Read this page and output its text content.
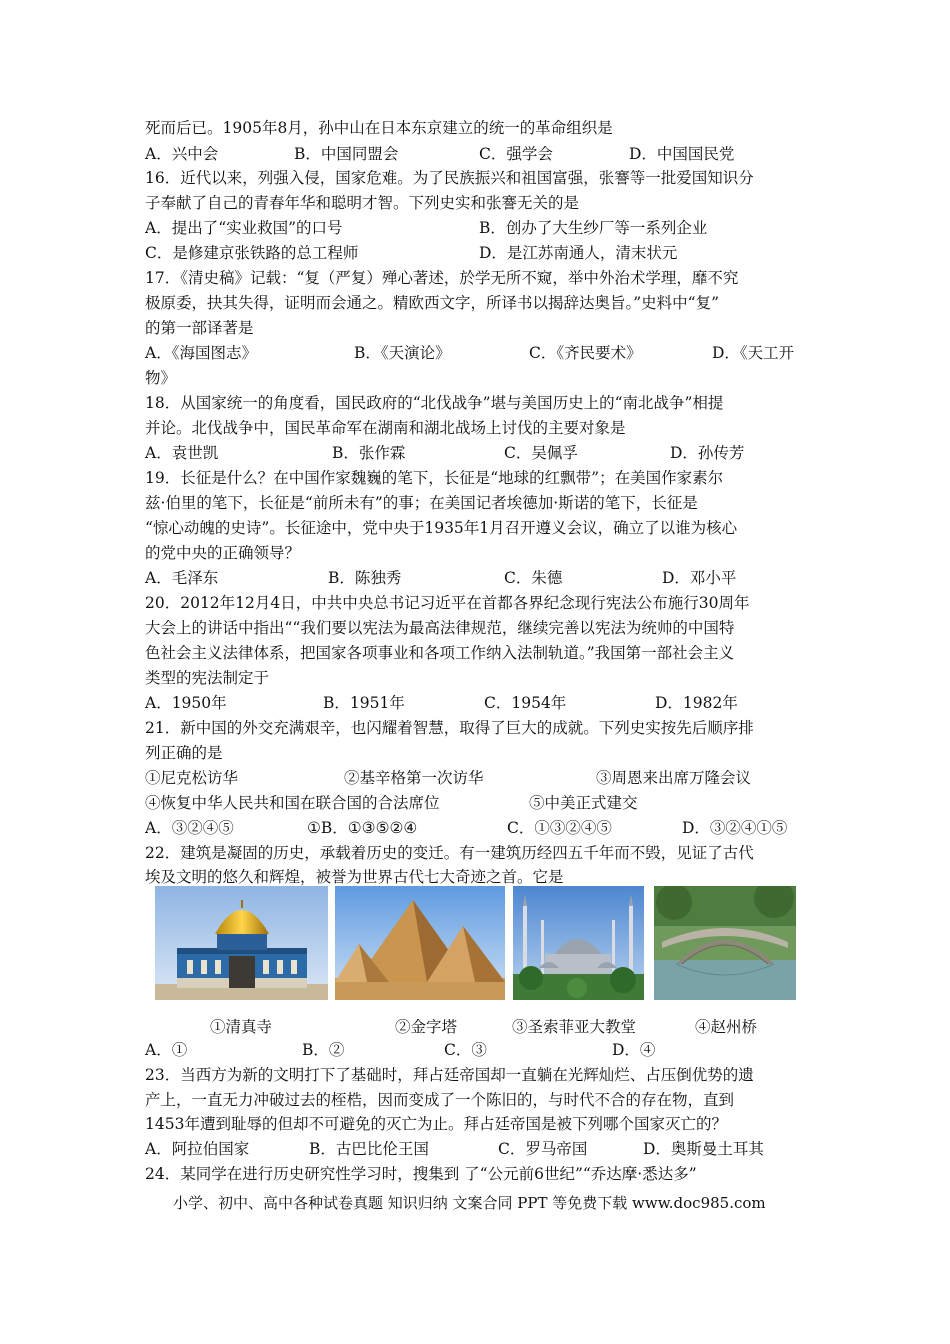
死而后已。1905年8月，孙中山在日本东京建立的统一的革命组织是
A．兴中会	B．中国同盟会	C．强学会	D．中国国民党
16．近代以来，列强入侵，国家危难。为了民族振兴和祖国富强，张謇等一批爱国知识分
子奉献了自己的青春年华和聪明才智。下列史实和张謇无关的是
A．提出了“实业救国”的口号	B．创办了大生纱厂等一系列企业
C．是修建京张铁路的总工程师	D．是江苏南通人，清末状元
17．《清史稿》记载：“复（严复）殚心著述，於学无所不窥，举中外治术学理，靡不究
极原委，抉其失得，证明而会通之。精欧西文字，所译书以揭辞达奥旨。”史料中“复”
的第一部译著是
A．《海国图志》	B．《天演论》	C．《齐民要术》	D．《天工开
物》
18．从国家统一的角度看，国民政府的“北伐战争”堪与美国历史上的“南北战争”相提
并论。北伐战争中，国民革命军在湖南和湖北战场上讨伐的主要对象是
A．袁世凯	B．张作霖	C．吴佩孚	D．孙传芳
19．长征是什么？在中国作家魏巍的笔下，长征是“地球的红飘带”；在美国作家素尔
兹·伯里的笔下，长征是“前所未有”的事；在美国记者埃德加·斯诺的笔下，长征是
“惊心动魄的史诗”。长征途中，党中央于1935年1月召开遵义会议，确立了以谁为核心
的党中央的正确领导？
A．毛泽东	B．陈独秀	C．朱德	D．邓小平
20．2012年12月4日，中共中央总书记习近平在首都各界纪念现行宪法公布施行30周年
大会上的讲话中指出““我们要以宪法为最高法律规范，继续完善以宪法为统帅的中国特
色社会主义法律体系，把国家各项事业和各项工作纳入法制轨道。”我国第一部社会主义
类型的宪法制定于
A．1950年	B．1951年	C．1954年	D．1982年
21．新中国的外交充满艰辛，也闪耀着智慧，取得了巨大的成就。下列史实按先后顺序排
列正确的是
①尼克松访华	②基辛格第一次访华	③周恩来出席万隆会议
④恢复中华人民共和国在联合国的合法席位	⑤中美正式建交
A．③②④⑤	①B．①③⑤②④	C．①③②④⑤	D．③②④①⑤
22．建筑是凝固的历史，承载着历史的变迁。有一建筑历经四五千年而不毁，见证了古代
埃及文明的悠久和辉煌，被誉为世界古代七大奇迹之首。它是
①清真寺	②金字塔	③圣索菲亚大教堂	④赵州桥
A．①	B．②	C．③	D．④
23．当西方为新的文明打下了基础时，拜占廷帝国却一直躺在光辉灿烂、占压倒优势的遗
产上，一直无力冲破过去的桎梏，因而变成了一个陈旧的，与时代不合的存在物，直到
1453年遭到耻辱的但却不可避免的灭亡为止。拜占廷帝国是被下列哪个国家灭亡的？
A．阿拉伯国家	B．古巴比伦王国	C．罗马帝国	D．奥斯曼土耳其
24．某同学在进行历史研究性学习时，搜集到 了“公元前6世纪”“乔达摩·悉达多”
小学、初中、高中各种试卷真题 知识归纳 文案合同 PPT 等免费下载 www.doc985.com
